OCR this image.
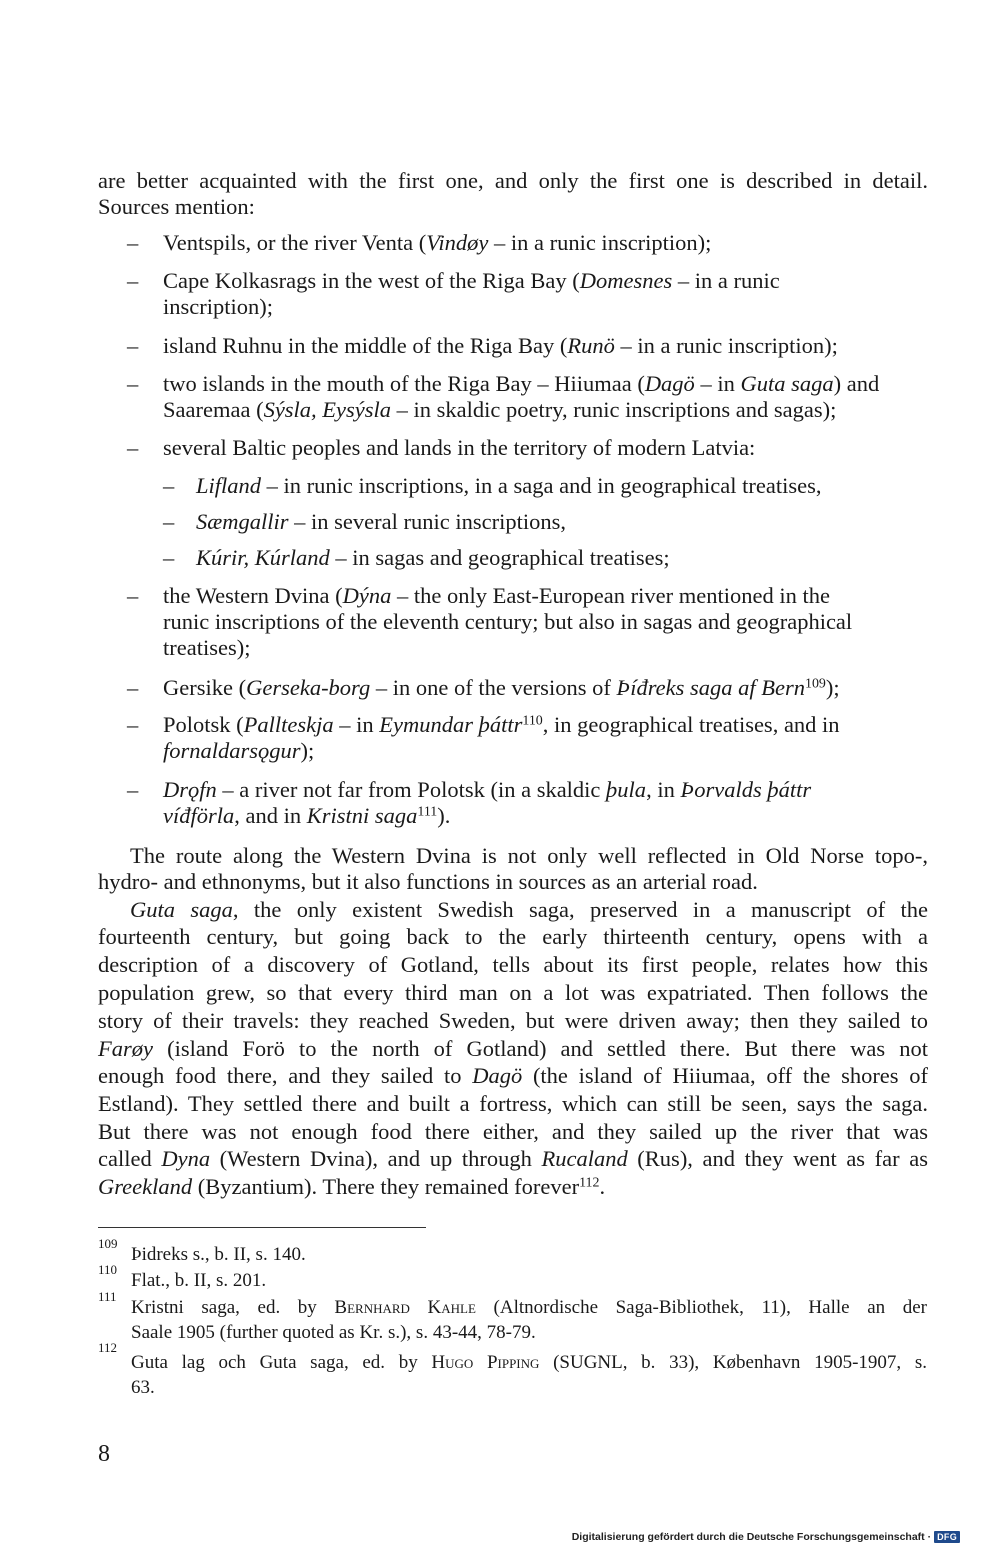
are better acquainted with the first one, and only the first one is described in detail.
Sources mention:
– Ventspils, or the river Venta (Vindøy – in a runic inscription);
– Cape Kolkasrags in the west of the Riga Bay (Domesnes – in a runic
inscription);
– island Ruhnu in the middle of the Riga Bay (Runö – in a runic inscription);
– two islands in the mouth of the Riga Bay – Hiiumaa (Dagö – in Guta saga) and
Saaremaa (Sýsla, Eysýsla – in skaldic poetry, runic inscriptions and sagas);
– several Baltic peoples and lands in the territory of modern Latvia:
– Lifland – in runic inscriptions, in a saga and in geographical treatises,
– Sæmgallir – in several runic inscriptions,
– Kúrir, Kúrland – in sagas and geographical treatises;
– the Western Dvina (Dýna – the only East-European river mentioned in the
runic inscriptions of the eleventh century; but also in sagas and geographical
treatises);
– Gersike (Gerseka-borg – in one of the versions of Þíđreks saga af Bern$^{109}$);
– Polotsk (Pallteskja – in Eymundar þáttr$^{110}$, in geographical treatises, and in
fornaldarsǫgur);
– Drǫfn – a river not far from Polotsk (in a skaldic þula, in Þorvalds þáttr
víđförla, and in Kristni saga$^{111}$).
The route along the Western Dvina is not only well reflected in Old Norse topo-,
hydro- and ethnonyms, but it also functions in sources as an arterial road.
Guta saga, the only existent Swedish saga, preserved in a manuscript of the
fourteenth century, but going back to the early thirteenth century, opens with a
description of a discovery of Gotland, tells about its first people, relates how this
population grew, so that every third man on a lot was expatriated. Then follows the
story of their travels: they reached Sweden, but were driven away; then they sailed to
Farøy (island Forö to the north of Gotland) and settled there. But there was not
enough food there, and they sailed to Dagö (the island of Hiiumaa, off the shores of
Estland). They settled there and built a fortress, which can still be seen, says the saga.
But there was not enough food there either, and they sailed up the river that was
called Dyna (Western Dvina), and up through Rucaland (Rus), and they went as far as
Greekland (Byzantium). There they remained forever$^{112}$.
109
Þidreks s., b. II, s. 140.
110
Flat., b. II, s. 201.
111
Kristni saga, ed. by Bernhard Kahle (Altnordische Saga-Bibliothek, 11), Halle an der
Saale 1905 (further quoted as Kr. s.), s. 43-44, 78-79.
112
Guta lag och Guta saga, ed. by Hugo Pipping (SUGNL, b. 33), København 1905-1907, s.
63.
8
Digitalisierung gefördert durch die Deutsche Forschungsgemeinschaft · DFG
